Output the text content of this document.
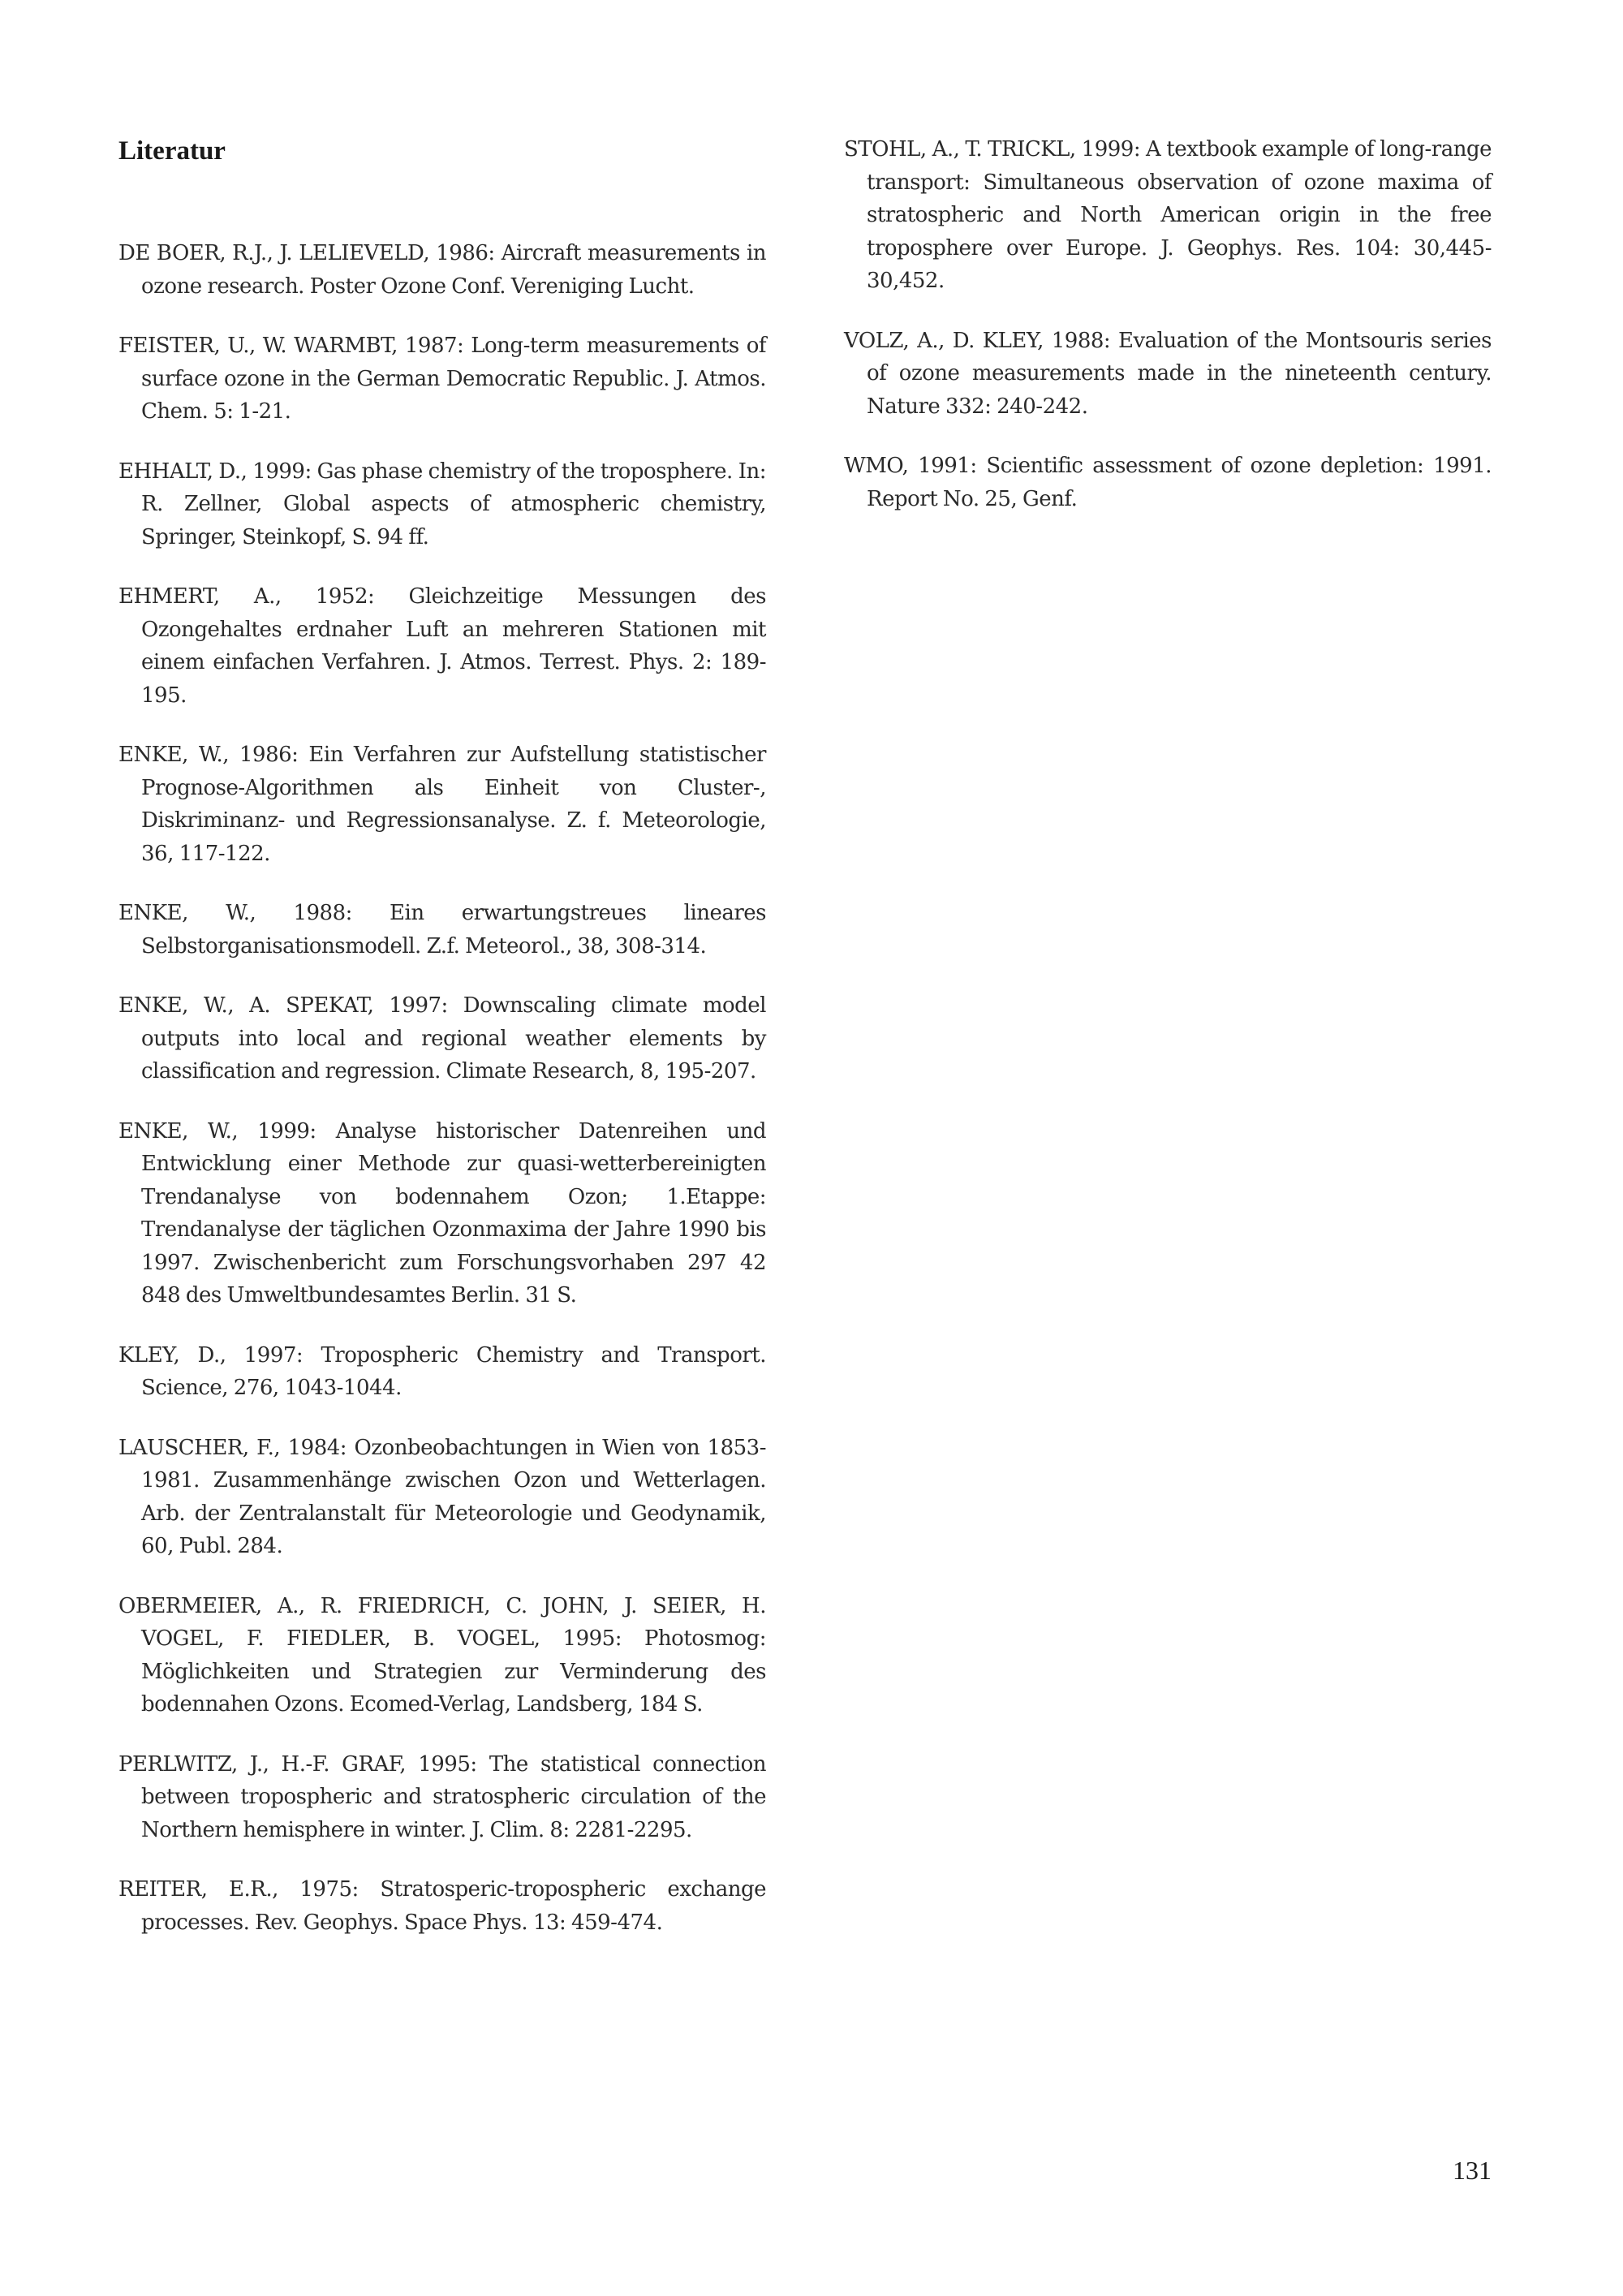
Literatur

DE BOER, R.J., J. LELIEVELD, 1986: Aircraft measurements in ozone research. Poster Ozone Conf. Vereniging Lucht.

FEISTER, U., W. WARMBT, 1987: Long-term measurements of surface ozone in the German Democratic Republic. J. Atmos. Chem. 5: 1-21.

EHHALT, D., 1999: Gas phase chemistry of the troposphere. In: R. Zellner, Global aspects of atmospheric chemistry, Springer, Steinkopf, S. 94 ff.

EHMERT, A., 1952: Gleichzeitige Messungen des Ozongehaltes erdnaher Luft an mehreren Stationen mit einem einfachen Verfahren. J. Atmos. Terrest. Phys. 2: 189-195.

ENKE, W., 1986: Ein Verfahren zur Aufstellung statistischer Prognose-Algorithmen als Einheit von Cluster-, Diskriminanz- und Regressionsanalyse. Z. f. Meteorologie, 36, 117-122.

ENKE, W., 1988: Ein erwartungstreues lineares Selbstorganisationsmodell. Z.f. Meteorol., 38, 308-314.

ENKE, W., A. SPEKAT, 1997: Downscaling climate model outputs into local and regional weather elements by classification and regression. Climate Research, 8, 195-207.

ENKE, W., 1999: Analyse historischer Datenreihen und Entwicklung einer Methode zur quasi-wetterbereinigten Trendanalyse von bodennahem Ozon; 1.Etappe: Trendanalyse der täglichen Ozonmaxima der Jahre 1990 bis 1997. Zwischenbericht zum Forschungsvorhaben 297 42 848 des Umweltbundesamtes Berlin. 31 S.

KLEY, D., 1997: Tropospheric Chemistry and Transport. Science, 276, 1043-1044.

LAUSCHER, F., 1984: Ozonbeobachtungen in Wien von 1853-1981. Zusammenhänge zwischen Ozon und Wetterlagen. Arb. der Zentralanstalt für Meteorologie und Geodynamik, 60, Publ. 284.

OBERMEIER, A., R. FRIEDRICH, C. JOHN, J. SEIER, H. VOGEL, F. FIEDLER, B. VOGEL, 1995: Photosmog: Möglichkeiten und Strategien zur Verminderung des bodennahen Ozons. Ecomed-Verlag, Landsberg, 184 S.

PERLWITZ, J., H.-F. GRAF, 1995: The statistical connection between tropospheric and stratospheric circulation of the Northern hemisphere in winter. J. Clim. 8: 2281-2295.

REITER, E.R., 1975: Stratosperic-tropospheric exchange processes. Rev. Geophys. Space Phys. 13: 459-474.

STOHL, A., T. TRICKL, 1999: A textbook example of long-range transport: Simultaneous observation of ozone maxima of stratospheric and North American origin in the free troposphere over Europe. J. Geophys. Res. 104: 30,445-30,452.

VOLZ, A., D. KLEY, 1988: Evaluation of the Montsouris series of ozone measurements made in the nineteenth century. Nature 332: 240-242.

WMO, 1991: Scientific assessment of ozone depletion: 1991. Report No. 25, Genf.

131
